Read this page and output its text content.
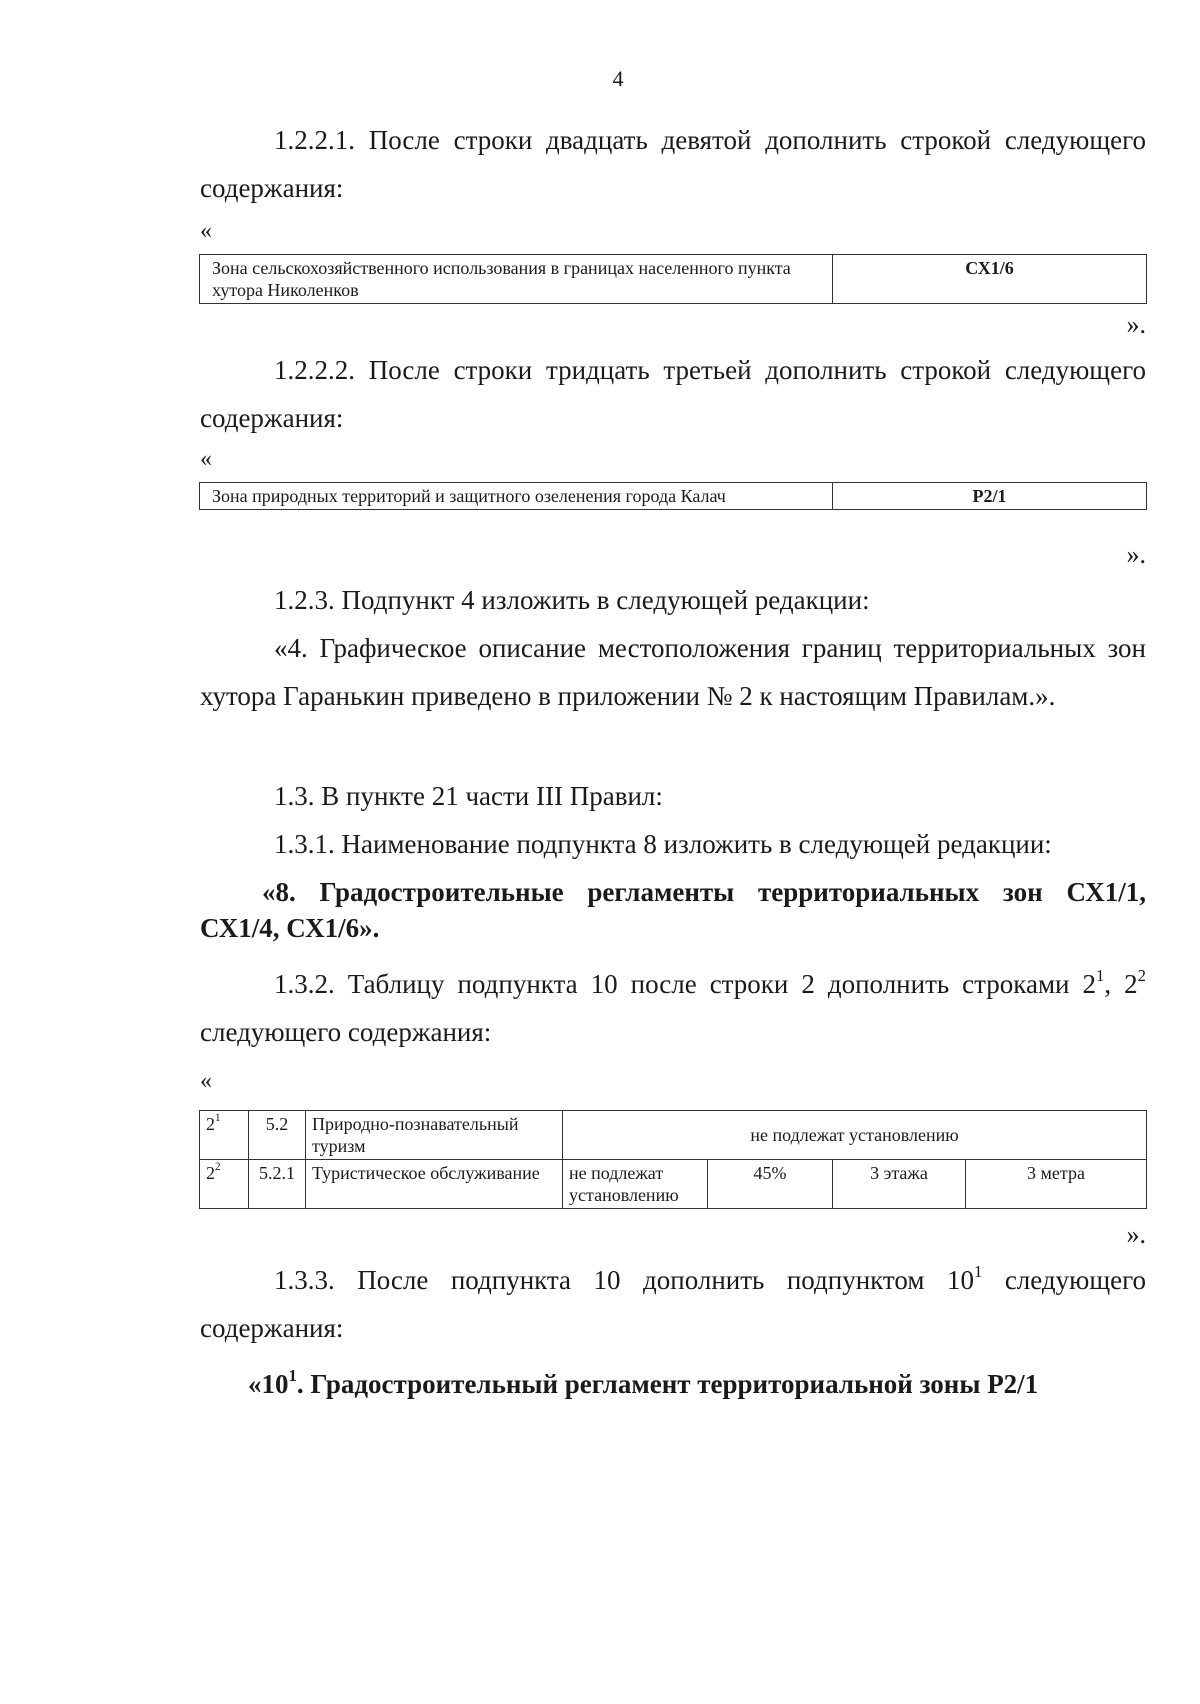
4

1.2.2.1. После строки двадцать девятой дополнить строкой следующего содержания:

«
Зона сельскохозяйственного использования в границах населенного пункта хутора Николенков	СХ1/6
».

1.2.2.2. После строки тридцать третьей дополнить строкой следующего содержания:

«
Зона природных территорий и защитного озеленения города Калач	Р2/1
».

1.2.3. Подпункт 4 изложить в следующей редакции:

«4. Графическое описание местоположения границ территориальных зон хутора Гаранькин приведено в приложении № 2 к настоящим Правилам.».

1.3. В пункте 21 части III Правил:

1.3.1. Наименование подпункта 8 изложить в следующей редакции:

«8. Градостроительные регламенты территориальных зон СХ1/1, СХ1/4, СХ1/6».

1.3.2. Таблицу подпункта 10 после строки 2 дополнить строками $2^1$, $2^2$ следующего содержания:

«
$2^1$	5.2	Природно-познавательный туризм	не подлежат установлению			
$2^2$	5.2.1	Туристическое обслуживание	не подлежат установлению	45%	3 этажа	3 метра
».

1.3.3. После подпункта 10 дополнить подпунктом $10^1$ следующего содержания:

«$10^1$. Градостроительный регламент территориальной зоны Р2/1
